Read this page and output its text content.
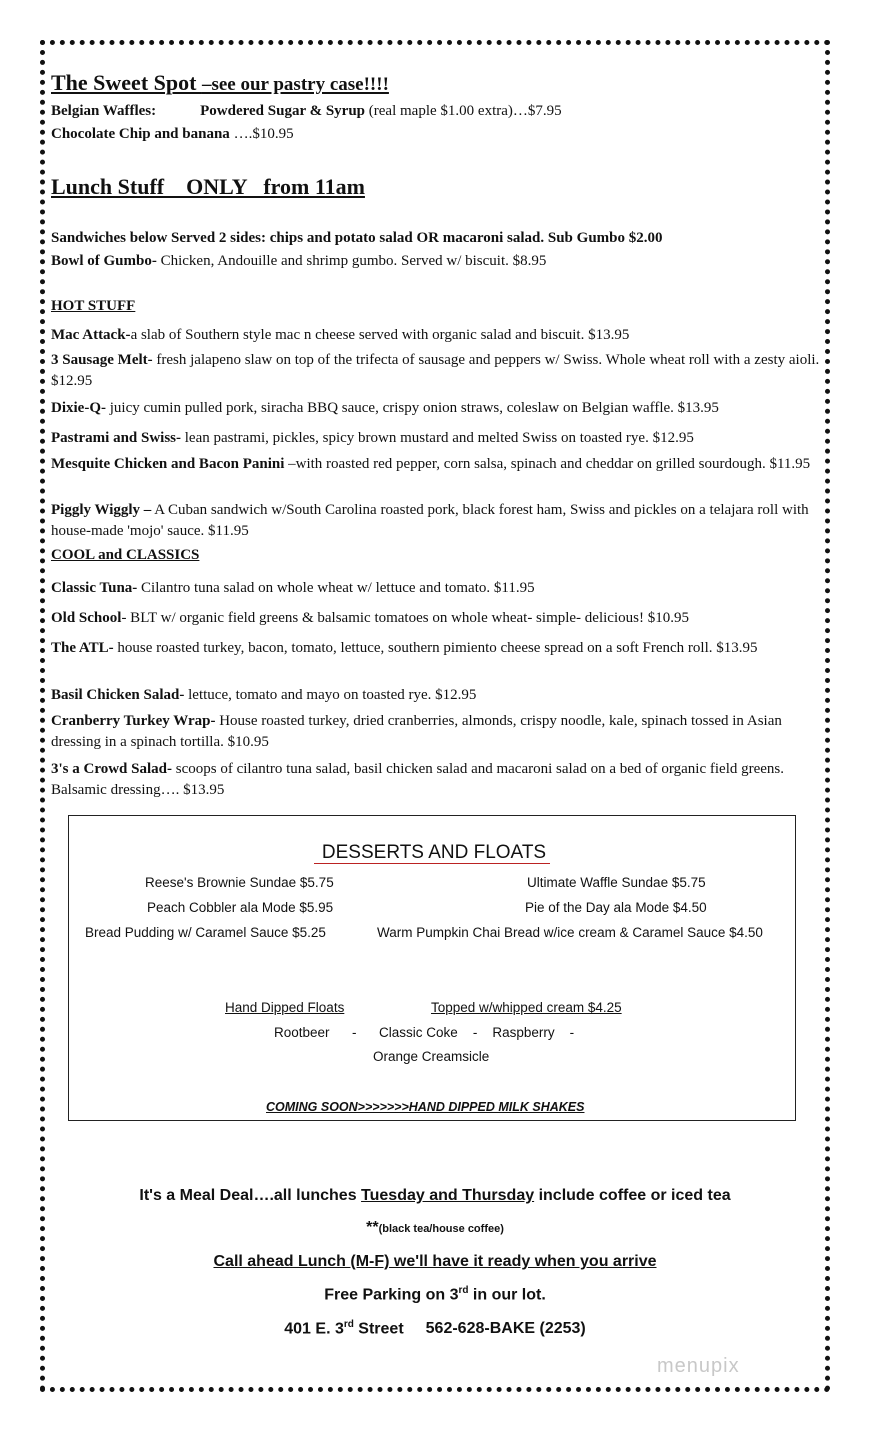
The Sweet Spot –see our pastry case!!!!
Belgian Waffles:	Powdered Sugar & Syrup (real maple $1.00 extra)…$7.95
Chocolate Chip and banana ….$10.95
Lunch Stuff    ONLY   from 11am
Sandwiches below Served 2 sides: chips and potato salad OR macaroni salad. Sub Gumbo $2.00
Bowl of Gumbo- Chicken, Andouille and shrimp gumbo. Served w/ biscuit. $8.95
HOT STUFF
Mac Attack-a slab of Southern style mac n cheese served with organic salad and biscuit. $13.95
3 Sausage Melt- fresh jalapeno slaw on top of the trifecta of sausage and peppers w/ Swiss. Whole wheat roll with a zesty aioli. $12.95
Dixie-Q- juicy cumin pulled pork, siracha BBQ sauce, crispy onion straws, coleslaw on Belgian waffle. $13.95
Pastrami and Swiss- lean pastrami, pickles, spicy brown mustard and melted Swiss on toasted rye. $12.95
Mesquite Chicken and Bacon Panini –with roasted red pepper, corn salsa, spinach and cheddar on grilled sourdough. $11.95
Piggly Wiggly – A Cuban sandwich w/South Carolina roasted pork, black forest ham, Swiss and pickles on a telajara roll with house-made 'mojo' sauce. $11.95
COOL and CLASSICS
Classic Tuna- Cilantro tuna salad on whole wheat w/ lettuce and tomato. $11.95
Old School- BLT w/ organic field greens & balsamic tomatoes on whole wheat- simple- delicious! $10.95
The ATL- house roasted turkey, bacon, tomato, lettuce, southern pimiento cheese spread on a soft French roll. $13.95
Basil Chicken Salad- lettuce, tomato and mayo on toasted rye. $12.95
Cranberry Turkey Wrap- House roasted turkey, dried cranberries, almonds, crispy noodle, kale, spinach tossed in Asian dressing in a spinach tortilla. $10.95
3's a Crowd Salad- scoops of cilantro tuna salad, basil chicken salad and macaroni salad on a bed of organic field greens. Balsamic dressing…. $13.95
DESSERTS AND FLOATS
Reese's Brownie Sundae $5.75
Peach Cobbler ala Mode $5.95
Bread Pudding w/ Caramel Sauce $5.25
Ultimate Waffle Sundae $5.75
Pie of the Day ala Mode $4.50
Warm Pumpkin Chai Bread w/ice cream & Caramel Sauce $4.50
Hand Dipped Floats	Topped w/whipped cream $4.25
Rootbeer      -      Classic Coke    -    Raspberry    -
Orange Creamsicle
COMING SOON>>>>>>>HAND DIPPED MILK SHAKES
It's a Meal Deal….all lunches Tuesday and Thursday include coffee or iced tea
**(black tea/house coffee)
Call ahead Lunch (M-F) we'll have it ready when you arrive
Free Parking on 3rd in our lot.
401 E. 3rd Street 562-628-BAKE (2253)
menupix
